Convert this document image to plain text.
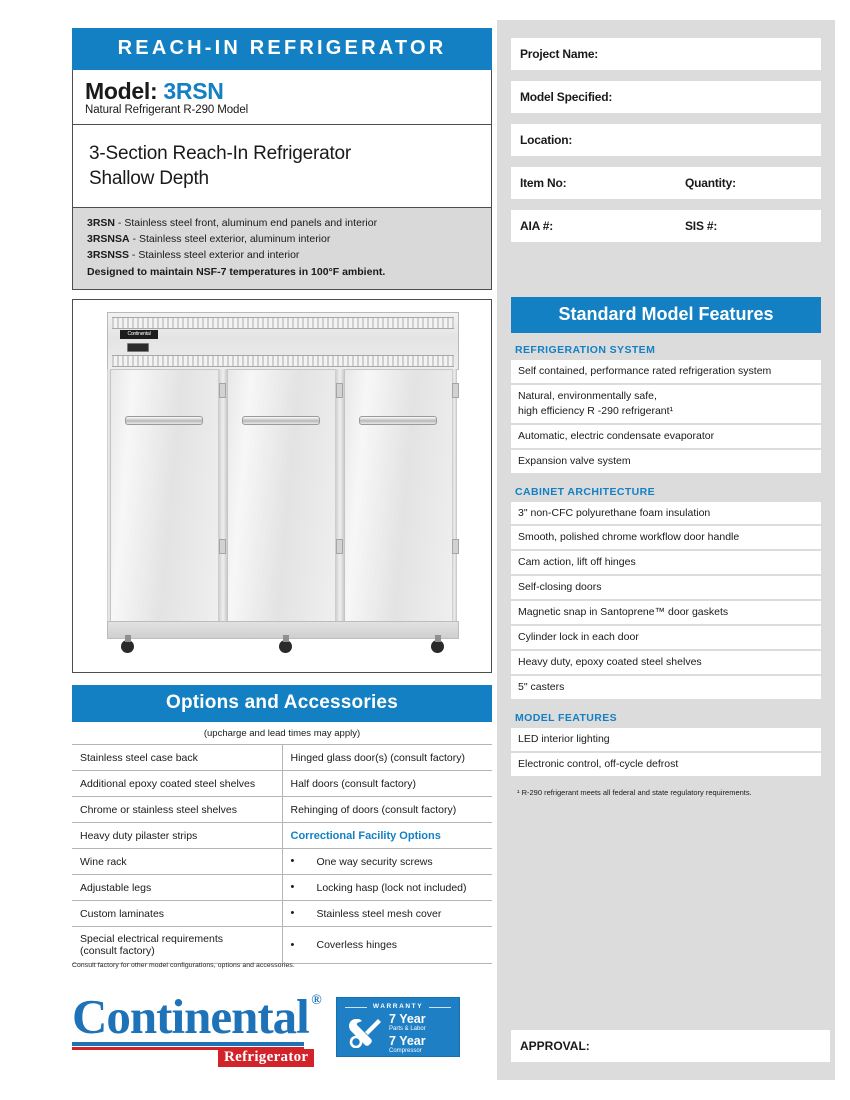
REACH-IN REFRIGERATOR
Model: 3RSN
Natural Refrigerant R-290 Model
3-Section Reach-In Refrigerator
Shallow Depth
3RSN - Stainless steel front, aluminum end panels and interior
3RSNSA - Stainless steel exterior, aluminum interior
3RSNSS - Stainless steel exterior and interior
Designed to maintain NSF-7 temperatures in 100°F ambient.
Continental
Options and Accessories
(upcharge and lead times may apply)
Stainless steel case back	Hinged glass door(s) (consult factory)
Additional epoxy coated steel shelves	Half doors (consult factory)
Chrome or stainless steel shelves	Rehinging of doors (consult factory)
Heavy duty pilaster strips	Correctional Facility Options
Wine rack	• One way security screws

Adjustable legs	• Locking hasp (lock not included)

Custom laminates	• Stainless steel mesh cover

Special electrical requirements
(consult factory)	• Coverless hinges
Consult factory for other model configurations, options and accessories.
Continental ®
Refrigerator
WARRANTY
7 Year
Parts & Labor
7 Year
Compressor
Project Name:
Model Specified:
Location:
Item No:	Quantity:
AIA #:	SIS #:
Standard Model Features
REFRIGERATION SYSTEM
Self contained, performance rated refrigeration system
Natural, environmentally safe,
high efficiency R -290 refrigerant¹
Automatic, electric condensate evaporator
Expansion valve system
CABINET ARCHITECTURE
3" non-CFC polyurethane foam insulation
Smooth, polished chrome workflow door handle
Cam action, lift off hinges
Self-closing doors
Magnetic snap in Santoprene™ door gaskets
Cylinder lock in each door
Heavy duty, epoxy coated steel shelves
5" casters
MODEL FEATURES
LED interior lighting
Electronic control, off-cycle defrost
¹ R-290 refrigerant meets all federal and state regulatory requirements.
APPROVAL:
